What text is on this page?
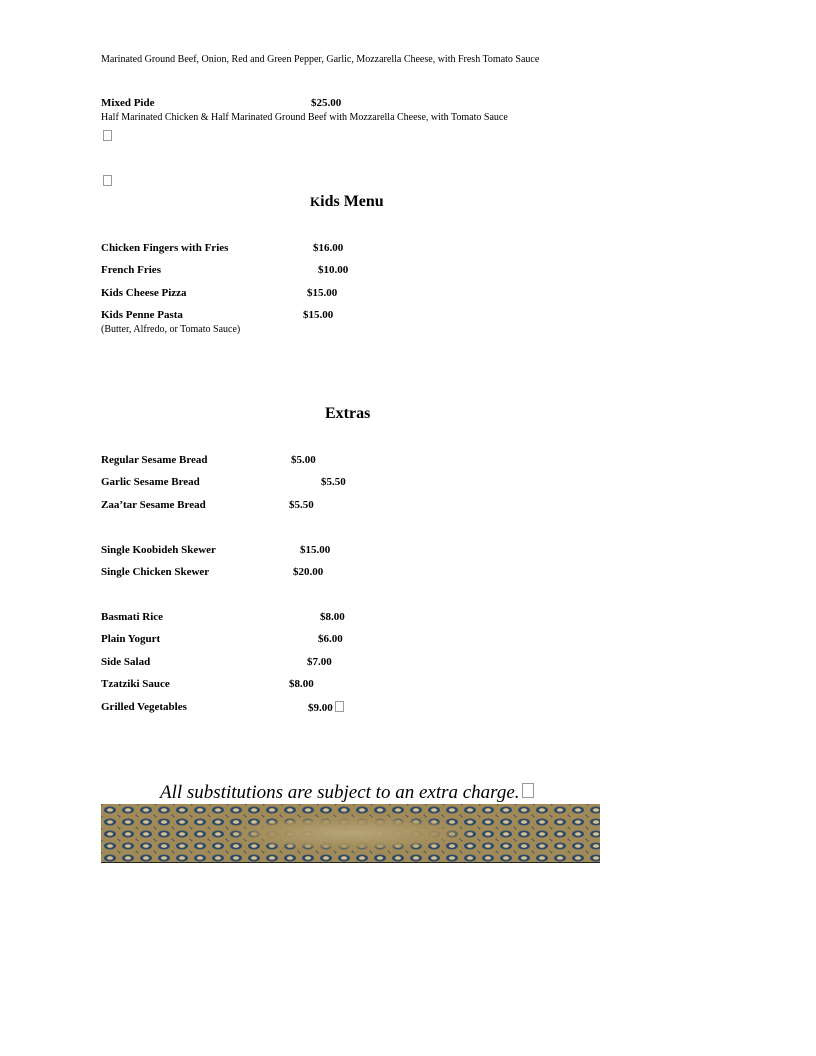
Marinated Ground Beef, Onion, Red and Green Pepper, Garlic, Mozzarella Cheese, with Fresh Tomato Sauce
Mixed Pide	$25.00
Half Marinated Chicken & Half Marinated Ground Beef with Mozzarella Cheese, with Tomato Sauce
Kids Menu
Chicken Fingers with Fries	$16.00
French Fries	$10.00
Kids Cheese Pizza	$15.00
Kids Penne Pasta	$15.00
(Butter, Alfredo, or Tomato Sauce)
Extras
Regular Sesame Bread	$5.00
Garlic Sesame Bread	$5.50
Zaa’tar Sesame Bread	$5.50
Single Koobideh Skewer	$15.00
Single Chicken Skewer	$20.00
Basmati Rice	$8.00
Plain Yogurt	$6.00
Side Salad	$7.00
Tzatziki Sauce	$8.00
Grilled Vegetables	$9.00
All substitutions are subject to an extra charge.
